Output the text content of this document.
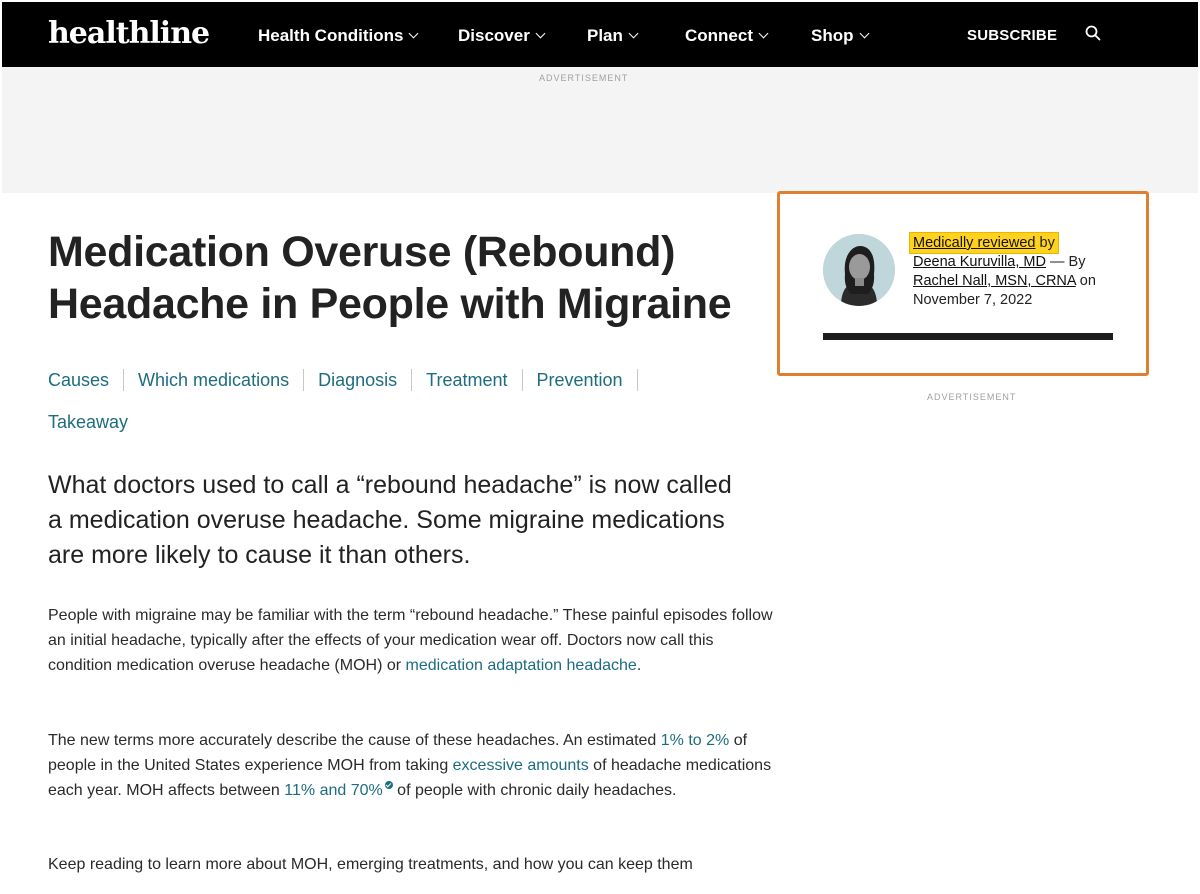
healthline	Health Conditions	Discover	Plan	Connect	Shop	SUBSCRIBE
ADVERTISEMENT
Medication Overuse (Rebound) Headache in People with Migraine
Causes Which medications Diagnosis Treatment Prevention
Takeaway

What doctors used to call a “rebound headache” is now called a medication overuse headache. Some migraine medications are more likely to cause it than others.

People with migraine may be familiar with the term “rebound headache.” These painful episodes follow an initial headache, typically after the effects of your medication wear off. Doctors now call this condition medication overuse headache (MOH) or medication adaptation headache.

The new terms more accurately describe the cause of these headaches. An estimated 1% to 2% of people in the United States experience MOH from taking excessive amounts of headache medications each year. MOH affects between 11% and 70% of people with chronic daily headaches.

Keep reading to learn more about MOH, emerging treatments, and how you can keep them

Medically reviewed by
Deena Kuruvilla, MD — By
Rachel Nall, MSN, CRNA on
November 7, 2022
ADVERTISEMENT
